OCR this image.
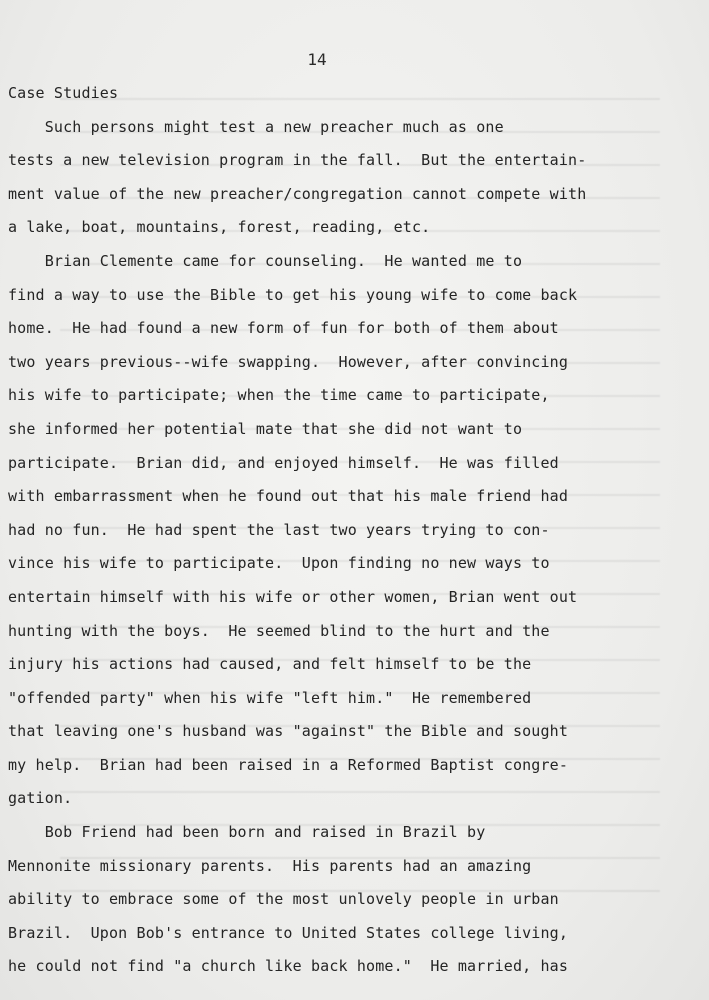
14
Case Studies
Such persons might test a new preacher much as one
tests a new television program in the fall.  But the entertain-
ment value of the new preacher/congregation cannot compete with
a lake, boat, mountains, forest, reading, etc.
Brian Clemente came for counseling.  He wanted me to
find a way to use the Bible to get his young wife to come back
home.  He had found a new form of fun for both of them about
two years previous--wife swapping.  However, after convincing
his wife to participate; when the time came to participate,
she informed her potential mate that she did not want to
participate.  Brian did, and enjoyed himself.  He was filled
with embarrassment when he found out that his male friend had
had no fun.  He had spent the last two years trying to con-
vince his wife to participate.  Upon finding no new ways to
entertain himself with his wife or other women, Brian went out
hunting with the boys.  He seemed blind to the hurt and the
injury his actions had caused, and felt himself to be the
"offended party" when his wife "left him."  He remembered
that leaving one's husband was "against" the Bible and sought
my help.  Brian had been raised in a Reformed Baptist congre-
gation.
Bob Friend had been born and raised in Brazil by
Mennonite missionary parents.  His parents had an amazing
ability to embrace some of the most unlovely people in urban
Brazil.  Upon Bob's entrance to United States college living,
he could not find "a church like back home."  He married, has
